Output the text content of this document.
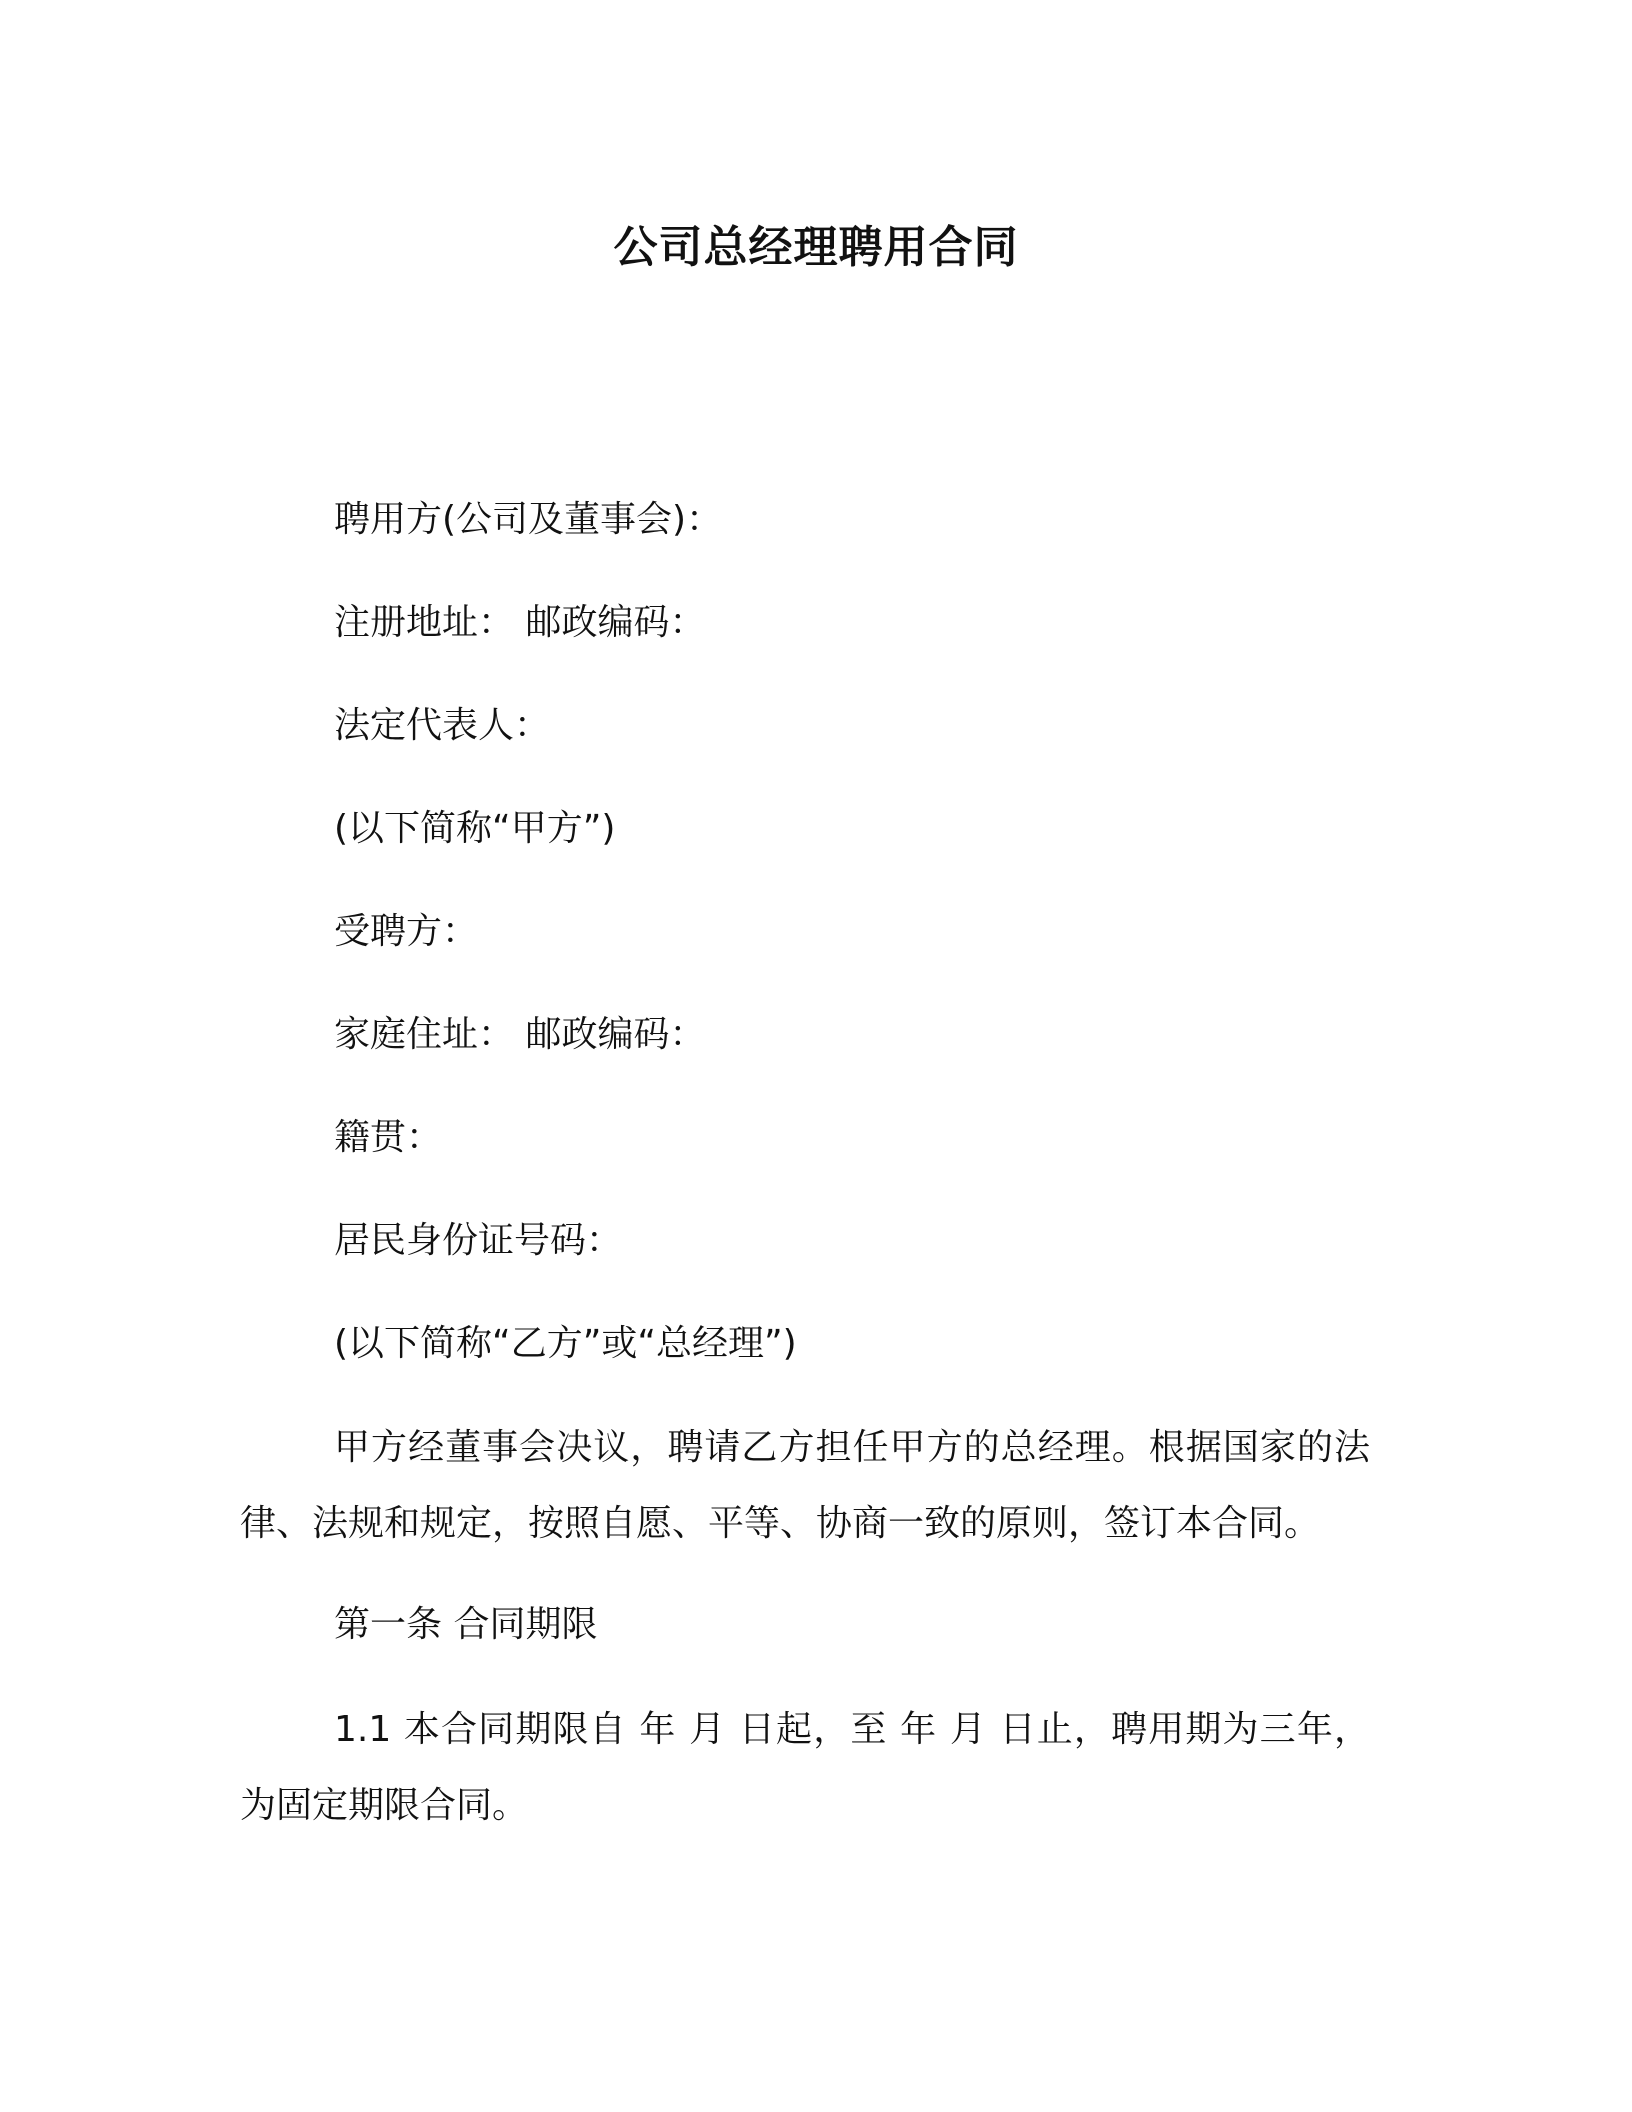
公司总经理聘用合同
聘用方(公司及董事会)：
注册地址： 邮政编码：
法定代表人：
(以下简称“甲方”)
受聘方：
家庭住址： 邮政编码：
籍贯：
居民身份证号码：
(以下简称“乙方”或“总经理”)
甲方经董事会决议，聘请乙方担任甲方的总经理。根据国家的法律、法规和规定，按照自愿、平等、协商一致的原则，签订本合同。
第一条 合同期限
1.1 本合同期限自 年 月 日起，至 年 月 日止，聘用期为三年，为固定期限合同。
